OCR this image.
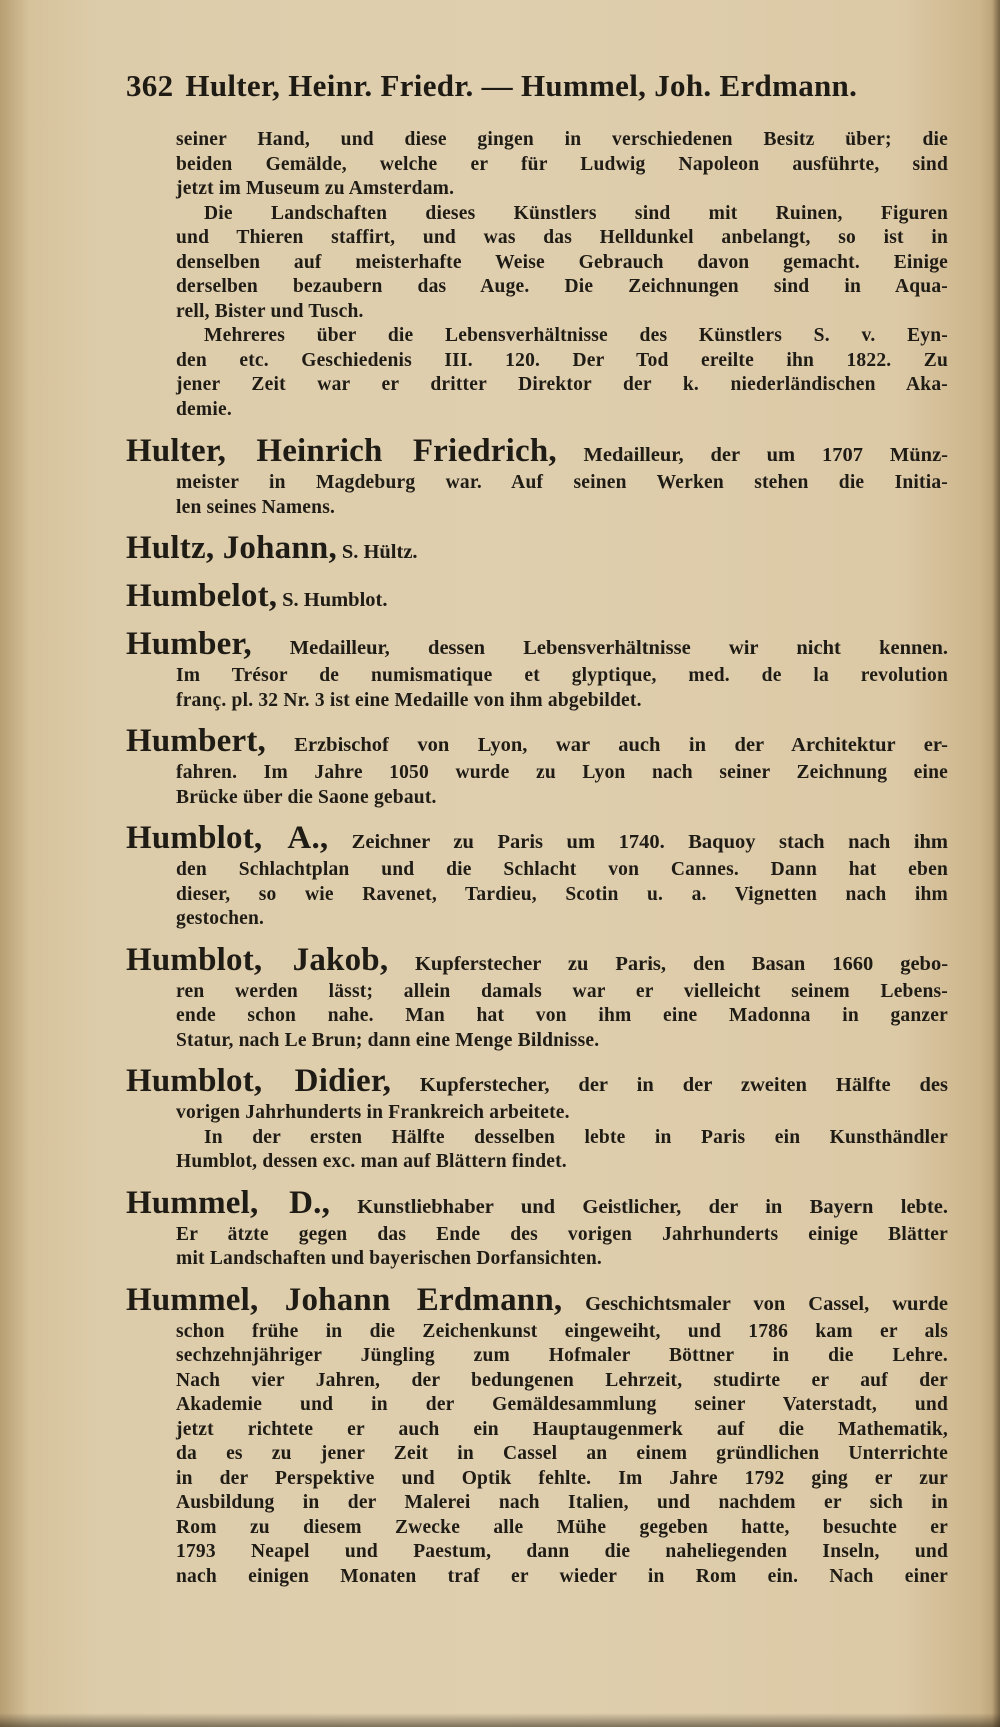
362 Hulter, Heinr. Friedr. — Hummel, Joh. Erdmann.
seiner Hand, und diese gingen in verschiedenen Besitz über; die
beiden Gemälde, welche er für Ludwig Napoleon ausführte, sind
jetzt im Museum zu Amsterdam.
Die Landschaften dieses Künstlers sind mit Ruinen, Figuren
und Thieren staffirt, und was das Helldunkel anbelangt, so ist in
denselben auf meisterhafte Weise Gebrauch davon gemacht. Einige
derselben bezaubern das Auge. Die Zeichnungen sind in Aqua-
rell, Bister und Tusch.
Mehreres über die Lebensverhältnisse des Künstlers S. v. Eyn-
den etc. Geschiedenis III. 120. Der Tod ereilte ihn 1822. Zu
jener Zeit war er dritter Direktor der k. niederländischen Aka-
demie.
Hulter, Heinrich Friedrich, Medailleur, der um 1707 Münz-
meister in Magdeburg war. Auf seinen Werken stehen die Initia-
len seines Namens.
Hultz, Johann, S. Hültz.
Humbelot, S. Humblot.
Humber, Medailleur, dessen Lebensverhältnisse wir nicht kennen.
Im Trésor de numismatique et glyptique, med. de la revolution
franç. pl. 32 Nr. 3 ist eine Medaille von ihm abgebildet.
Humbert, Erzbischof von Lyon, war auch in der Architektur er-
fahren. Im Jahre 1050 wurde zu Lyon nach seiner Zeichnung eine
Brücke über die Saone gebaut.
Humblot, A., Zeichner zu Paris um 1740. Baquoy stach nach ihm
den Schlachtplan und die Schlacht von Cannes. Dann hat eben
dieser, so wie Ravenet, Tardieu, Scotin u. a. Vignetten nach ihm
gestochen.
Humblot, Jakob, Kupferstecher zu Paris, den Basan 1660 gebo-
ren werden lässt; allein damals war er vielleicht seinem Lebens-
ende schon nahe. Man hat von ihm eine Madonna in ganzer
Statur, nach Le Brun; dann eine Menge Bildnisse.
Humblot, Didier, Kupferstecher, der in der zweiten Hälfte des
vorigen Jahrhunderts in Frankreich arbeitete.
In der ersten Hälfte desselben lebte in Paris ein Kunsthändler
Humblot, dessen exc. man auf Blättern findet.
Hummel, D., Kunstliebhaber und Geistlicher, der in Bayern lebte.
Er ätzte gegen das Ende des vorigen Jahrhunderts einige Blätter
mit Landschaften und bayerischen Dorfansichten.
Hummel, Johann Erdmann, Geschichtsmaler von Cassel, wurde
schon frühe in die Zeichenkunst eingeweiht, und 1786 kam er als
sechzehnjähriger Jüngling zum Hofmaler Böttner in die Lehre.
Nach vier Jahren, der bedungenen Lehrzeit, studirte er auf der
Akademie und in der Gemäldesammlung seiner Vaterstadt, und
jetzt richtete er auch ein Hauptaugenmerk auf die Mathematik,
da es zu jener Zeit in Cassel an einem gründlichen Unterrichte
in der Perspektive und Optik fehlte. Im Jahre 1792 ging er zur
Ausbildung in der Malerei nach Italien, und nachdem er sich in
Rom zu diesem Zwecke alle Mühe gegeben hatte, besuchte er
1793 Neapel und Paestum, dann die naheliegenden Inseln, und
nach einigen Monaten traf er wieder in Rom ein. Nach einer
